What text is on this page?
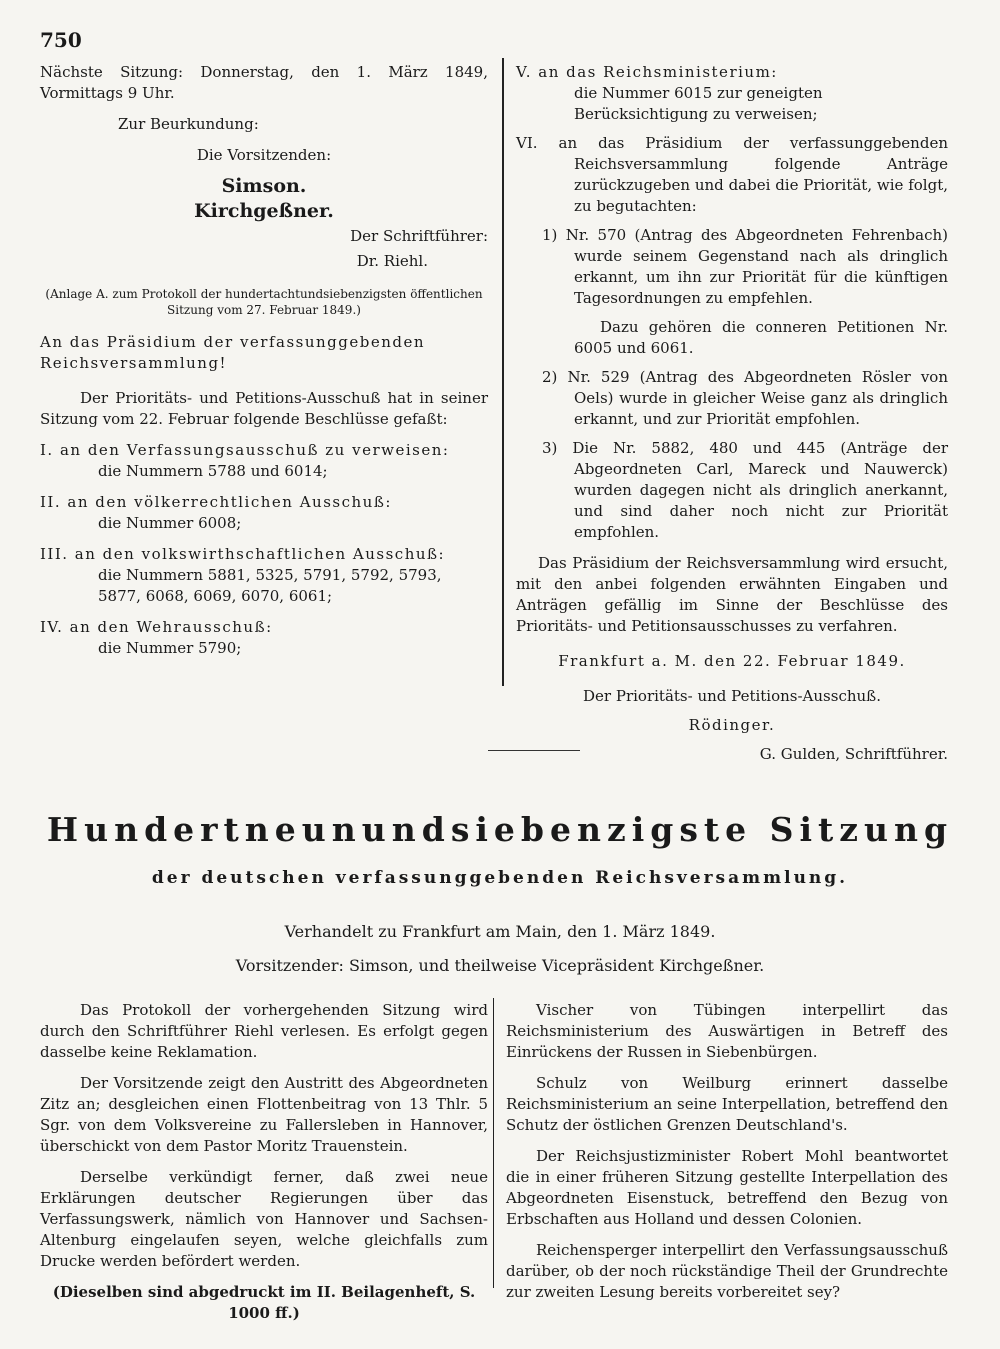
750

Nächste Sitzung: Donnerstag, den 1. März 1849, Vormittags 9 Uhr.

Zur Beurkundung:

Die Vorsitzenden:

Simson.

Kirchgeßner.

Der Schriftführer:

Dr. Riehl.

(Anlage A. zum Protokoll der hundertachtundsiebenzigsten öffentlichen Sitzung vom 27. Februar 1849.)

An das Präsidium der verfassunggebenden Reichsversammlung!

Der Prioritäts- und Petitions-Ausschuß hat in seiner Sitzung vom 22. Februar folgende Beschlüsse gefaßt:

I. an den Verfassungsausschuß zu verweisen:

die Nummern 5788 und 6014;

II. an den völkerrechtlichen Ausschuß:

die Nummer 6008;

III. an den volkswirthschaftlichen Ausschuß:

die Nummern 5881, 5325, 5791, 5792, 5793, 5877, 6068, 6069, 6070, 6061;

IV. an den Wehrausschuß:

die Nummer 5790;

V. an das Reichsministerium:

die Nummer 6015 zur geneigten Berücksichtigung zu verweisen;

VI. an das Präsidium der verfassunggebenden Reichsversammlung folgende Anträge zurückzugeben und dabei die Priorität, wie folgt, zu begutachten:

1) Nr. 570 (Antrag des Abgeordneten Fehrenbach) wurde seinem Gegenstand nach als dringlich erkannt, um ihn zur Priorität für die künftigen Tagesordnungen zu empfehlen.

Dazu gehören die conneren Petitionen Nr. 6005 und 6061.

2) Nr. 529 (Antrag des Abgeordneten Rösler von Oels) wurde in gleicher Weise ganz als dringlich erkannt, und zur Priorität empfohlen.

3) Die Nr. 5882, 480 und 445 (Anträge der Abgeordneten Carl, Mareck und Nauwerck) wurden dagegen nicht als dringlich anerkannt, und sind daher noch nicht zur Priorität empfohlen.

Das Präsidium der Reichsversammlung wird ersucht, mit den anbei folgenden erwähnten Eingaben und Anträgen gefällig im Sinne der Beschlüsse des Prioritäts- und Petitionsausschusses zu verfahren.

Frankfurt a. M. den 22. Februar 1849.

Der Prioritäts- und Petitions-Ausschuß.

Rödinger.

G. Gulden, Schriftführer.

Hundertneunundsiebenzigste Sitzung
der deutschen verfassunggebenden Reichsversammlung.
Verhandelt zu Frankfurt am Main, den 1. März 1849.
Vorsitzender: Simson, und theilweise Vicepräsident Kirchgeßner.

Das Protokoll der vorhergehenden Sitzung wird durch den Schriftführer Riehl verlesen. Es erfolgt gegen dasselbe keine Reklamation.

Der Vorsitzende zeigt den Austritt des Abgeordneten Zitz an; desgleichen einen Flottenbeitrag von 13 Thlr. 5 Sgr. von dem Volksvereine zu Fallersleben in Hannover, überschickt von dem Pastor Moritz Trauenstein.

Derselbe verkündigt ferner, daß zwei neue Erklärungen deutscher Regierungen über das Verfassungswerk, nämlich von Hannover und Sachsen-Altenburg eingelaufen seyen, welche gleichfalls zum Drucke werden befördert werden.

(Dieselben sind abgedruckt im II. Beilagenheft, S. 1000 ff.)

Vischer von Tübingen interpellirt das Reichsministerium des Auswärtigen in Betreff des Einrückens der Russen in Siebenbürgen.

Schulz von Weilburg erinnert dasselbe Reichsministerium an seine Interpellation, betreffend den Schutz der östlichen Grenzen Deutschland's.

Der Reichsjustizminister Robert Mohl beantwortet die in einer früheren Sitzung gestellte Interpellation des Abgeordneten Eisenstuck, betreffend den Bezug von Erbschaften aus Holland und dessen Colonien.

Reichensperger interpellirt den Verfassungsausschuß darüber, ob der noch rückständige Theil der Grundrechte zur zweiten Lesung bereits vorbereitet sey?
